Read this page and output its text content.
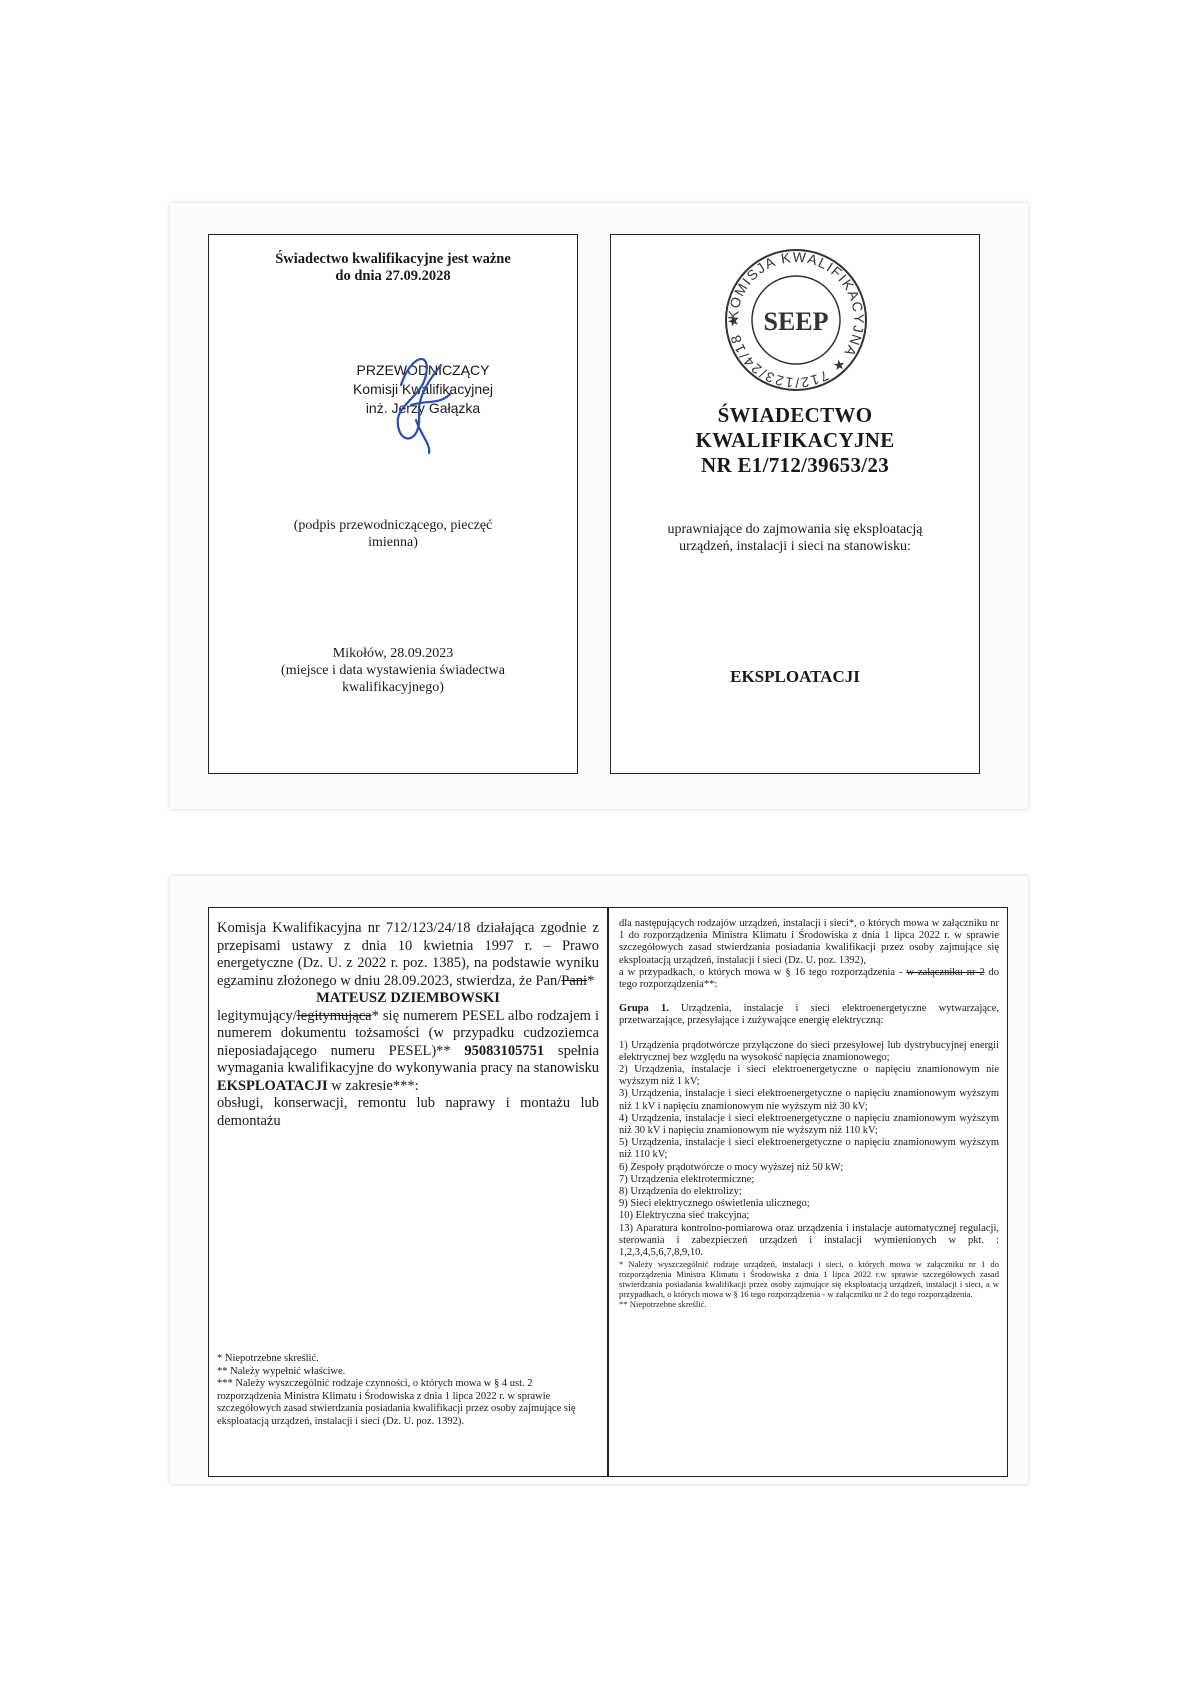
Świadectwo kwalifikacyjne jest ważne
do dnia 27.09.2028
PRZEWODNICZĄCY
Komisji Kwalifikacyjnej
inż. Jerzy Gałązka
(podpis przewodniczącego, pieczęć imienna)
Mikołów, 28.09.2023
(miejsce i data wystawienia świadectwa kwalifikacyjnego)
KOMISJA KWALIFIKACYJNA ★ 712/123/24/18 ★ SEEP
ŚWIADECTWO
KWALIFIKACYJNE
NR E1/712/39653/23
uprawniające do zajmowania się eksploatacją urządzeń, instalacji i sieci na stanowisku:
EKSPLOATACJI

Komisja Kwalifikacyjna nr 712/123/24/18 działająca zgodnie z przepisami ustawy z dnia 10 kwietnia 1997 r. – Prawo energetyczne (Dz. U. z 2022 r. poz. 1385), na podstawie wyniku egzaminu złożonego w dniu 28.09.2023, stwierdza, że Pan/Pani*

MATEUSZ DZIEMBOWSKI

legitymujący/legitymująca* się numerem PESEL albo rodzajem i numerem dokumentu tożsamości (w przypadku cudzoziemca nieposiadającego numeru PESEL)** 95083105751 spełnia wymagania kwalifikacyjne do wykonywania pracy na stanowisku EKSPLOATACJI w zakresie***:

obsługi, konserwacji, remontu lub naprawy i montażu lub demontażu

* Niepotrzebne skreślić.

** Należy wypełnić właściwe.

*** Należy wyszczególnić rodzaje czynności, o których mowa w § 4 ust. 2 rozporządzenia Ministra Klimatu i Środowiska z dnia 1 lipca 2022 r. w sprawie szczegółowych zasad stwierdzania posiadania kwalifikacji przez osoby zajmujące się eksploatacją urządzeń, instalacji i sieci (Dz. U. poz. 1392).

dla następujących rodzajów urządzeń, instalacji i sieci*, o których mowa w załączniku nr 1 do rozporządzenia Ministra Klimatu i Środowiska z dnia 1 lipca 2022 r. w sprawie szczegółowych zasad stwierdzania posiadania kwalifikacji przez osoby zajmujące się eksploatacją urządzeń, instalacji i sieci (Dz. U. poz. 1392),

a w przypadkach, o których mowa w § 16 tego rozporządzenia - w załączniku nr 2 do tego rozporządzenia**:

Grupa 1. Urządzenia, instalacje i sieci elektroenergetyczne wytwarzające, przetwarzające, przesyłające i zużywające energię elektryczną:

1) Urządzenia prądotwórcze przyłączone do sieci przesyłowej lub dystrybucyjnej energii elektrycznej bez względu na wysokość napięcia znamionowego;

2) Urządzenia, instalacje i sieci elektroenergetyczne o napięciu znamionowym nie wyższym niż 1 kV;

3) Urządzenia, instalacje i sieci elektroenergetyczne o napięciu znamionowym wyższym niż 1 kV i napięciu znamionowym nie wyższym niż 30 kV;

4) Urządzenia, instalacje i sieci elektroenergetyczne o napięciu znamionowym wyższym niż 30 kV i napięciu znamionowym nie wyższym niż 110 kV;

5) Urządzenia, instalacje i sieci elektroenergetyczne o napięciu znamionowym wyższym niż 110 kV;

6) Zespoły prądotwórcze o mocy wyższej niż 50 kW;

7) Urządzenia elektrotermiczne;

8) Urządzenia do elektrolizy;

9) Sieci elektrycznego oświetlenia ulicznego;

10) Elektryczna sieć trakcyjna;

13) Aparatura kontrolno-pomiarowa oraz urządzenia i instalacje automatycznej regulacji, sterowania i zabezpieczeń urządzeń i instalacji wymienionych w pkt. : 1,2,3,4,5,6,7,8,9,10.

* Należy wyszczególnić rodzaje urządzeń, instalacji i sieci, o których mowa w załączniku nr 1 do rozporządzenia Ministra Klimatu i Środowiska z dnia 1 lipca 2022 r.w sprawie szczegółowych zasad stwierdzania posiadania kwalifikacji przez osoby zajmujące się eksploatacją urządzeń, instalacji i sieci, a w przypadkach, o których mowa w § 16 tego rozporządzenia - w załączniku nr 2 do tego rozporządzenia.

** Niepotrzebne skreślić.
